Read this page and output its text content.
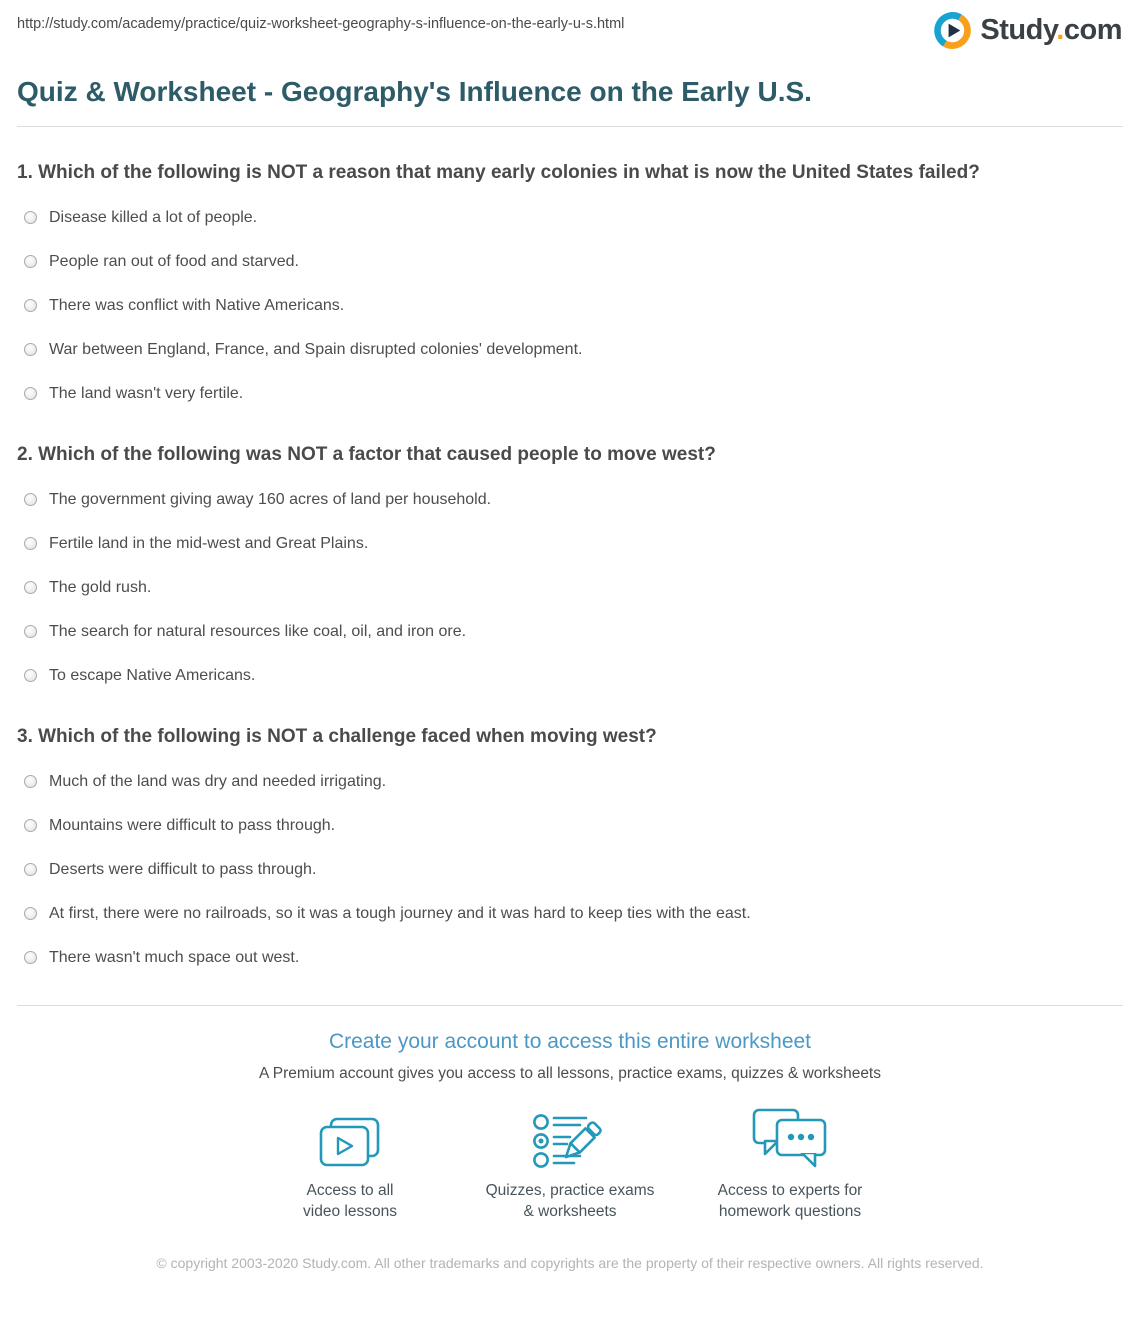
http://study.com/academy/practice/quiz-worksheet-geography-s-influence-on-the-early-u-s.html	Study.com
Quiz & Worksheet - Geography's Influence on the Early U.S.
1. Which of the following is NOT a reason that many early colonies in what is now the United States failed?
Disease killed a lot of people.
People ran out of food and starved.
There was conflict with Native Americans.
War between England, France, and Spain disrupted colonies' development.
The land wasn't very fertile.
2. Which of the following was NOT a factor that caused people to move west?
The government giving away 160 acres of land per household.
Fertile land in the mid-west and Great Plains.
The gold rush.
The search for natural resources like coal, oil, and iron ore.
To escape Native Americans.
3. Which of the following is NOT a challenge faced when moving west?
Much of the land was dry and needed irrigating.
Mountains were difficult to pass through.
Deserts were difficult to pass through.
At first, there were no railroads, so it was a tough journey and it was hard to keep ties with the east.
There wasn't much space out west.
Create your account to access this entire worksheet
A Premium account gives you access to all lessons, practice exams, quizzes & worksheets
Access to all
video lessons
Quizzes, practice exams
& worksheets
Access to experts for
homework questions
© copyright 2003-2020 Study.com. All other trademarks and copyrights are the property of their respective owners. All rights reserved.
